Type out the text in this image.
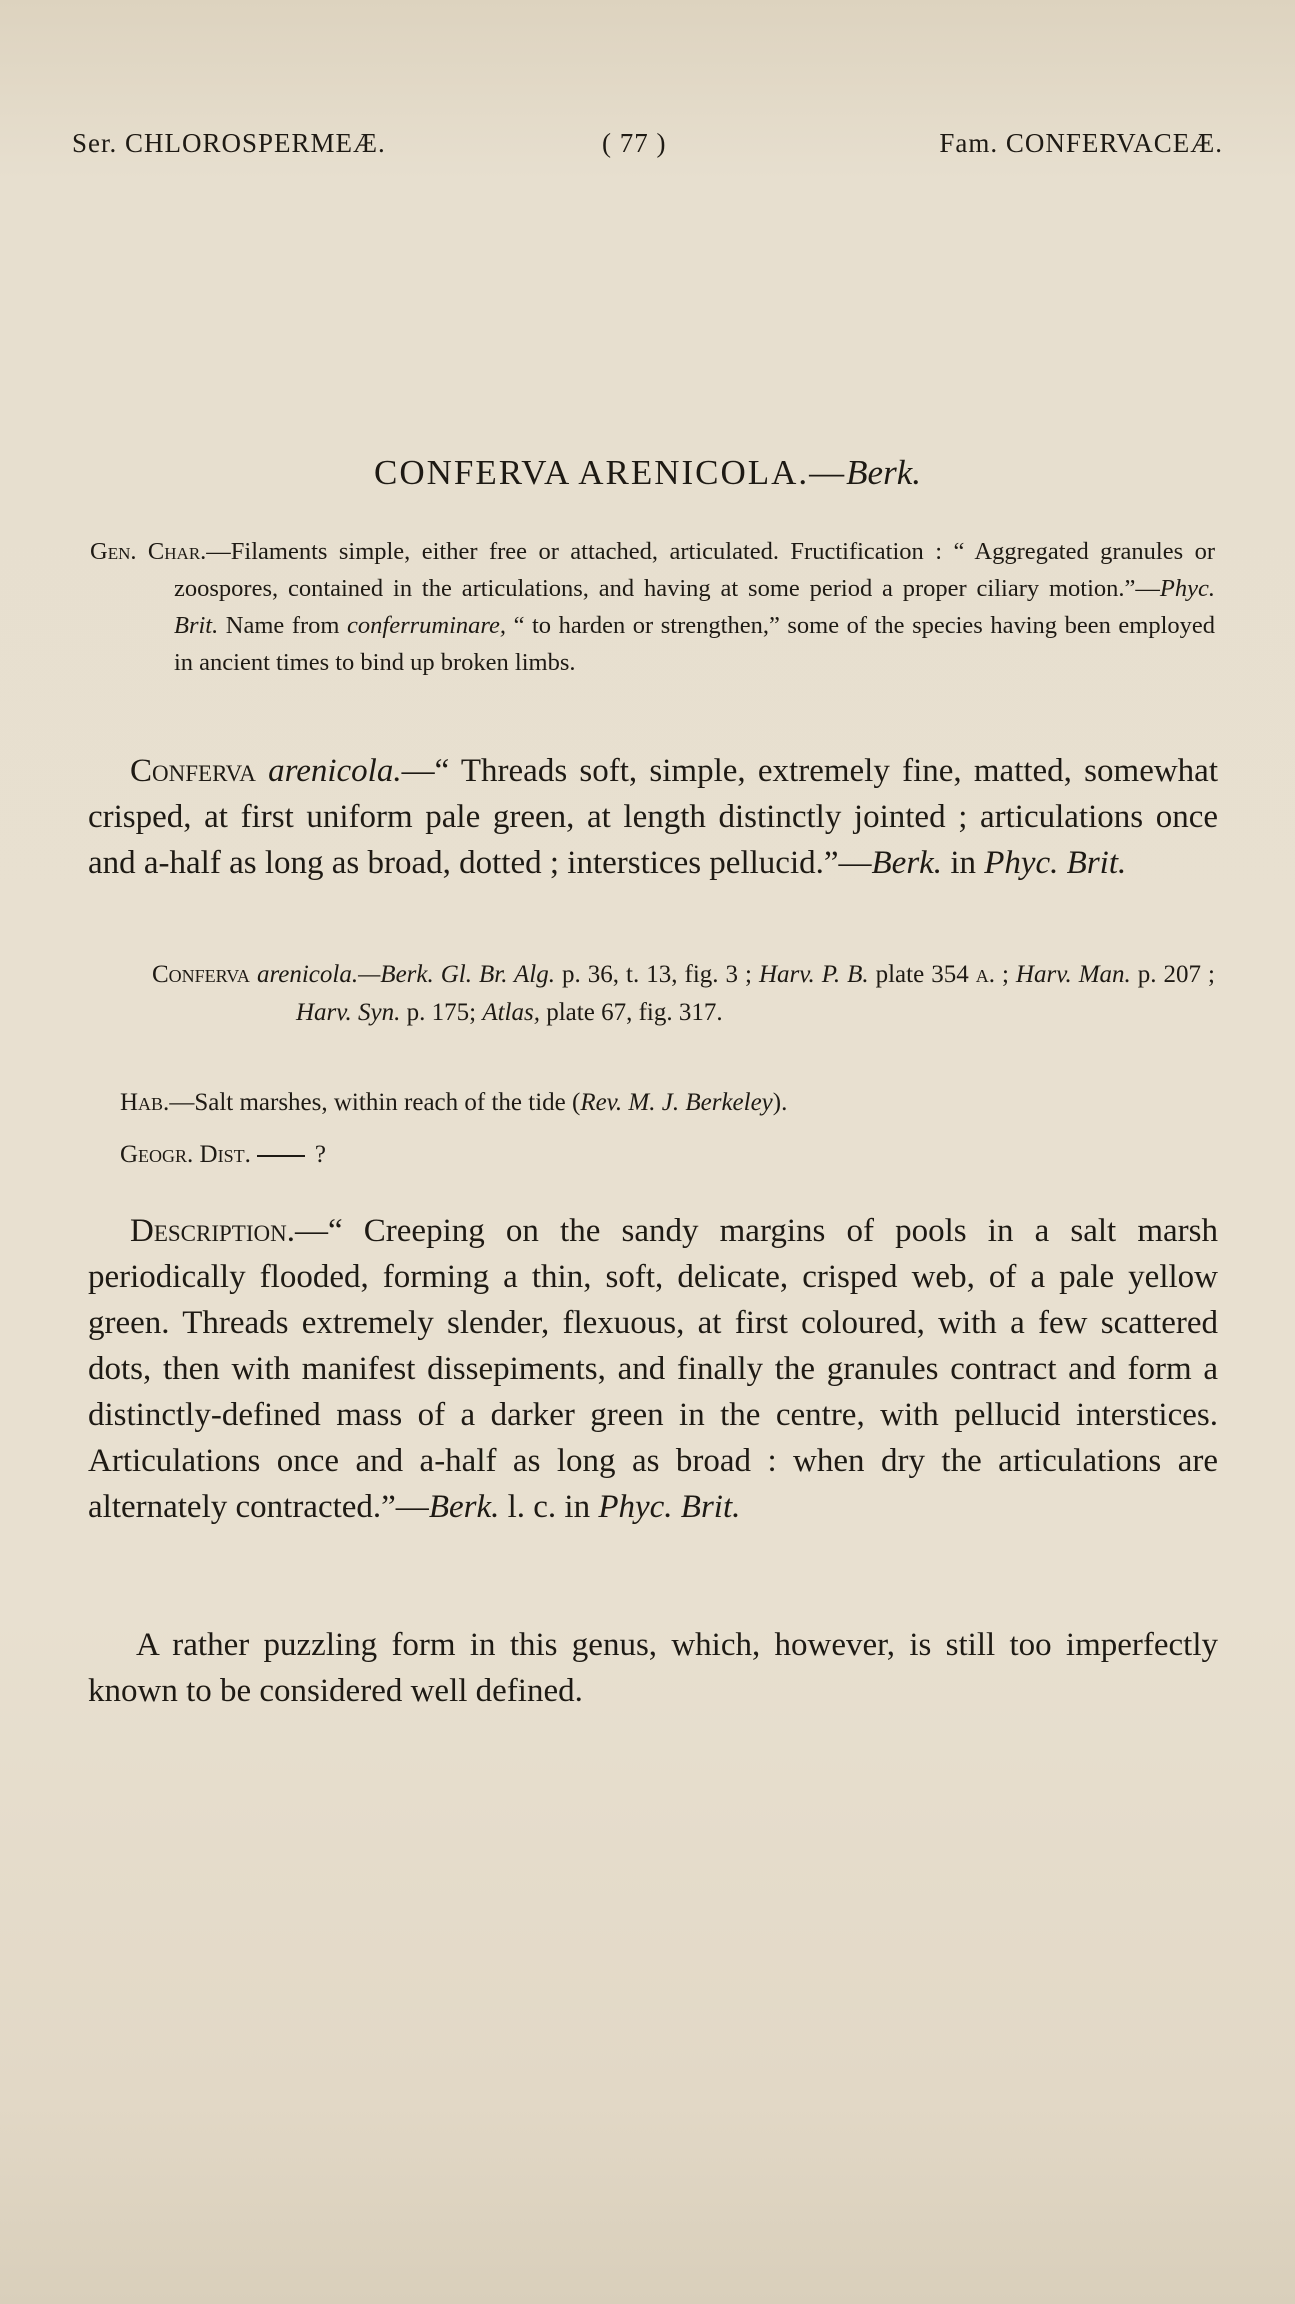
Ser. CHLOROSPERMEÆ.	( 77 )	Fam. CONFERVACEÆ.
CONFERVA ARENICOLA.—Berk.

Gen. Char.—Filaments simple, either free or attached, articulated. Fructification : “ Aggregated granules or zoospores, contained in the articulations, and having at some period a proper ciliary motion.”—Phyc. Brit. Name from conferruminare, “ to harden or strengthen,” some of the species having been employed in ancient times to bind up broken limbs.

Conferva arenicola.—“ Threads soft, simple, extremely fine, matted, somewhat crisped, at first uniform pale green, at length distinctly jointed ; articulations once and a-half as long as broad, dotted ; interstices pellucid.”—Berk. in Phyc. Brit.

Conferva arenicola.—Berk. Gl. Br. Alg. p. 36, t. 13, fig. 3 ; Harv. P. B. plate 354 a. ; Harv. Man. p. 207 ; Harv. Syn. p. 175; Atlas, plate 67, fig. 317.

Hab.—Salt marshes, within reach of the tide (Rev. M. J. Berkeley).

Geogr. Dist.	?

Description.—“ Creeping on the sandy margins of pools in a salt marsh periodically flooded, forming a thin, soft, delicate, crisped web, of a pale yellow green. Threads extremely slender, flexuous, at first coloured, with a few scattered dots, then with manifest dissepiments, and finally the granules contract and form a distinctly-defined mass of a darker green in the centre, with pellucid interstices. Articulations once and a-half as long as broad : when dry the articulations are alternately contracted.”—Berk. l. c. in Phyc. Brit.

A rather puzzling form in this genus, which, however, is still too imperfectly known to be considered well defined.
